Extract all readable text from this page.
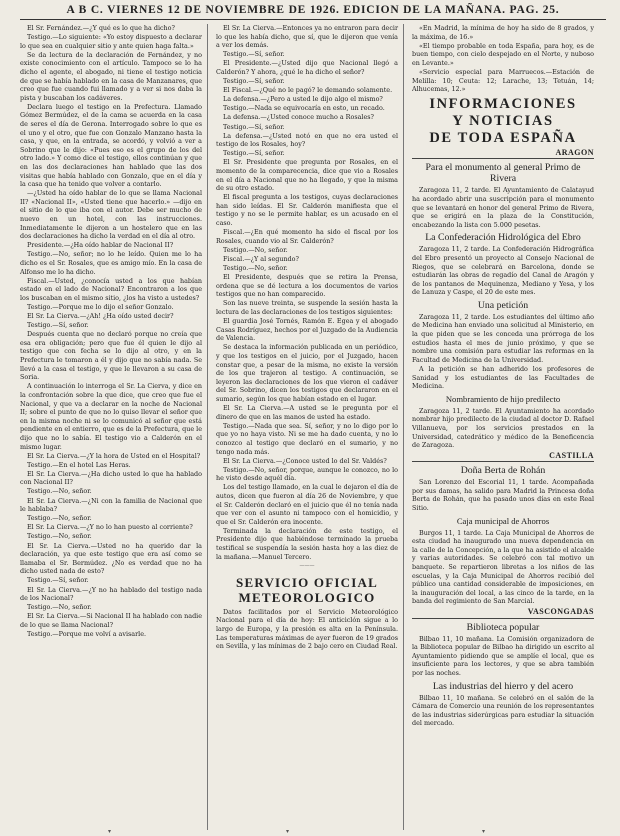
A B C. VIERNES 12 DE NOVIEMBRE DE 1926. EDICION DE LA MAÑANA. PAG. 25.

El Sr. Fernández.—¿Y qué es lo que ha dicho?

Testigo.—Lo siguiente: «Yo estoy dispuesto a declarar lo que sea en cualquier sitio y ante quien haga falta.»

Se da lectura de la declaración de Fernández, y no existe conocimiento con el artículo. Tampoco se lo ha dicho el agente, el abogado, ni tiene el testigo noticia de que se había hablado en la casa de Manzanares, que creo que fue cuando fui llamado y a ver si nos daba la pista y buscaban los cadáveres.

Declara luego el testigo en la Prefectura. Llamado Gómez Bermúdez, el de la cama se acuerda en la casa de seres el día de Gerona. Interrogado sobre lo que es el uno y el otro, que fue con Gonzalo Manzano hasta la casa, y que, en la entrada, se acordó, y volvió a ver a Sobrino que le dijo: «Pues eso es el grupo de los del otro lado.» Y como dice el testigo, ellos continúan y que en las dos declaraciones han hablado que las dos visitas que había hablado con Gonzalo, que en el día y la casa que ha tenido que volver a contarlo.

—¿Usted ha oído hablar de lo que se llama Nacional II? «Nacional II», «Usted tiene que hacerlo.» —dijo en el sitio de lo que iba con el autor. Debe ser mucho de nuevo en un hotel, con las instrucciones. Inmediatamente le dijeron a un hostelero que en las dos declaraciones ha dicho la verdad en el día al otro.

Presidente.—¿Ha oído hablar de Nacional II?

Testigo.—No, señor; no lo he leído. Quien me lo ha dicho es el Sr. Rosales, que es amigo mío. En la casa de Alfonso me lo ha dicho.

Fiscal.—Usted, ¿conocía usted a los que habían estado en el lado de Nacional? Encontraron a los que los buscaban en el mismo sitio, ¿los ha visto a ustedes?

Testigo.—Porque me lo dijo el señor Gonzalo.

El Sr. La Cierva.—¿Ah! ¿Ha oído usted decir?

Testigo.—Sí, señor.

Después cuenta que no declaró porque no creía que esa era obligación; pero que fue él quien le dijo al testigo que con fecha se lo dijo al otro, y en la Prefectura le tomaron a él y dijo que no sabía nada. Se llevó a la casa el testigo, y que le llevaron a su casa de Soria.

A continuación lo interroga el Sr. La Cierva, y dice en la confrontación sobre la que dice, que creo que fue el Nacional, y que va a declarar en la noche de Nacional II; sobre el punto de que no lo quiso llevar el señor que en la misma noche ni se lo comunicó al señor que está pendiente en el entierro, que es de la Prefectura, que le dijo que no lo sabía. El testigo vio a Calderón en el mismo lugar.

El Sr. La Cierva.—¿Y la hora de Usted en el Hospital?

Testigo.—En el hotel Las Heras.

El Sr. La Cierva.—¿Ha dicho usted lo que ha hablado con Nacional II?

Testigo.—No, señor.

El Sr. La Cierva.—¿Ni con la familia de Nacional que le hablaba?

Testigo.—No, señor.

El Sr. La Cierva.—¿Y no lo han puesto al corriente?

Testigo.—No, señor.

El Sr. La Cierva.—Usted no ha querido dar la declaración, ya que este testigo que era así como se llamaba el Sr. Bermúdez. ¿No es verdad que no ha dicho usted nada de esto?

Testigo.—Sí, señor.

El Sr. La Cierva.—¿Y no ha hablado del testigo nada de los Nacional?

Testigo.—No, señor.

El Sr. La Cierva.—Si Nacional II ha hablado con nadie de lo que se llama Nacional?

Testigo.—Porque me volví a avisarle.

El Sr. La Cierva.—Entonces ya no entraron para decir lo que les había dicho, que sí, que le dijeron que venía a ver los demás.

Testigo.—Sí, señor.

El Presidente.—¿Usted dijo que Nacional llegó a Calderón? Y ahora, ¿qué le ha dicho el señor?

Testigo.—Sí, señor.

El Fiscal.—¿Qué no le pagó? le demando solamente.

La defensa.—¿Pero a usted le dijo algo el mismo?

Testigo.—Nada se equivocaría en esto, un recado.

La defensa.—¿Usted conoce mucho a Rosales?

Testigo.—Sí, señor.

La defensa.—¿Usted notó en que no era usted el testigo de los Rosales, hoy?

Testigo.—Sí, señor.

El Sr. Presidente que pregunta por Rosales, en el momento de la comparecencia, dice que vio a Rosales en el día a Nacional que no ha llegado, y que la misma de su otro estado.

El fiscal pregunta a los testigos, cuyas declaraciones han sido leídas. El Sr. Calderón manifiesta que el testigo y no se le permite hablar, es un acusado en el caso.

Fiscal.—¿En qué momento ha sido el fiscal por los Rosales, cuando vio al Sr. Calderón?

Testigo.—No, señor.

Fiscal.—¿Y al segundo?

Testigo.—No, señor.

El Presidente, después que se retira la Prensa, ordena que se dé lectura a los documentos de varios testigos que no han comparecido.

Son las nueve treinta, se suspende la sesión hasta la lectura de las declaraciones de los testigos siguientes:

El guardia José Tornés, Ramón E. Egea y el abogado Casas Rodríguez, hechos por el Juzgado de la Audiencia de Valencia.

Se destaca la información publicada en un periódico, y que los testigos en el juicio, por el Juzgado, hacen constar que, a pesar de la misma, no existe la versión de los que trajeron al testigo. A continuación, se leyeron las declaraciones de los que vieron el cadáver del Sr. Sobrino, dicen los testigos que declararon en el sumario, según los que habían estado en el lugar.

El Sr. La Cierva.—A usted se le pregunta por el dinero de que en las manos de usted ha estado.

Testigo.—Nada que sea. Sí, señor, y no lo digo por lo que yo no haya visto. Ni se me ha dado cuenta, y no lo conozco al testigo que declaró en el sumario, y no tengo nada más.

El Sr. La Cierva.—¿Conoce usted lo del Sr. Valdés?

Testigo.—No, señor, porque, aunque le conozco, no lo he visto desde aquél día.

Los del testigo llamado, en la cual le dejaron el día de autos, dicen que fueron al día 26 de Noviembre, y que el Sr. Calderón declaró en el juicio que él no tenía nada que ver con el asunto ni tampoco con el homicidio, y que el Sr. Calderón era inocente.

Terminada la declaración de este testigo, el Presidente dijo que habiéndose terminado la prueba testifical se suspendía la sesión hasta hoy a las diez de la mañana.—Manuel Tercero.

———
SERVICIO OFICIAL
METEOROLOGICO

Datos facilitados por el Servicio Meteorológico Nacional para el día de hoy: El anticiclón sigue a lo largo de Europa, y la presión es alta en la Península. Las temperaturas máximas de ayer fueron de 19 grados en Sevilla, y las mínimas de 2 bajo cero en Ciudad Real.

«En Madrid, la mínima de hoy ha sido de 8 grados, y la máxima, de 16.»

«El tiempo probable en toda España, para hoy, es de buen tiempo, con cielo despejado en el Norte, y nuboso en Levante.»

«Servicio especial para Marruecos.—Estación de Melilla: 10; Ceuta: 12; Larache, 13; Tetuán, 14; Alhucemas, 12.»

INFORMACIONES
Y NOTICIAS
DE TODA ESPAÑA
ARAGON
Para el monumento al general Primo de Rivera

Zaragoza 11, 2 tarde. El Ayuntamiento de Calatayud ha acordado abrir una suscripción para el monumento que se levantará en honor del general Primo de Rivera, que se erigirá en la plaza de la Constitución, encabezando la lista con 5.000 pesetas.

La Confederación Hidrológica del Ebro

Zaragoza 11, 2 tarde. La Confederación Hidrográfica del Ebro presentó un proyecto al Consejo Nacional de Riegos, que se celebrará en Barcelona, donde se estudiarán las obras de regadío del Canal de Aragón y de los pantanos de Mequinenza, Mediano y Yesa, y los de Lanuza y Caspe, el 20 de este mes.

Una petición

Zaragoza 11, 2 tarde. Los estudiantes del último año de Medicina han enviado una solicitud al Ministerio, en la que piden que se les conceda una prórroga de los estudios hasta el mes de junio próximo, y que se nombre una comisión para estudiar las reformas en la Facultad de Medicina de la Universidad.

A la petición se han adherido los profesores de Sanidad y los estudiantes de las Facultades de Medicina.

Nombramiento de hijo predilecto

Zaragoza 11, 2 tarde. El Ayuntamiento ha acordado nombrar hijo predilecto de la ciudad al doctor D. Rafael Villanueva, por los servicios prestados en la Universidad, catedrático y médico de la Beneficencia de Zaragoza.

CASTILLA
Doña Berta de Rohán

San Lorenzo del Escorial 11, 1 tarde. Acompañada por sus damas, ha salido para Madrid la Princesa doña Berta de Rohán, que ha pasado unos días en este Real Sitio.

Caja municipal de Ahorros

Burgos 11, 1 tarde. La Caja Municipal de Ahorros de esta ciudad ha inaugurado una nueva dependencia en la calle de la Concepción, a la que ha asistido el alcalde y varias autoridades. Se celebró con tal motivo un banquete. Se repartieron libretas a los niños de las escuelas, y la Caja Municipal de Ahorros recibió del público una cantidad considerable de imposiciones, en la inauguración del local, a las cinco de la tarde, en la banda del regimiento de San Marcial.

VASCONGADAS
Biblioteca popular

Bilbao 11, 10 mañana. La Comisión organizadora de la Biblioteca popular de Bilbao ha dirigido un escrito al Ayuntamiento pidiendo que se amplíe el local, que es insuficiente para los lectores, y que se abra también por las noches.

Las industrias del hierro y del acero

Bilbao 11, 10 mañana. Se celebró en el salón de la Cámara de Comercio una reunión de los representantes de las industrias siderúrgicas para estudiar la situación del mercado.

▾	▾	▾
